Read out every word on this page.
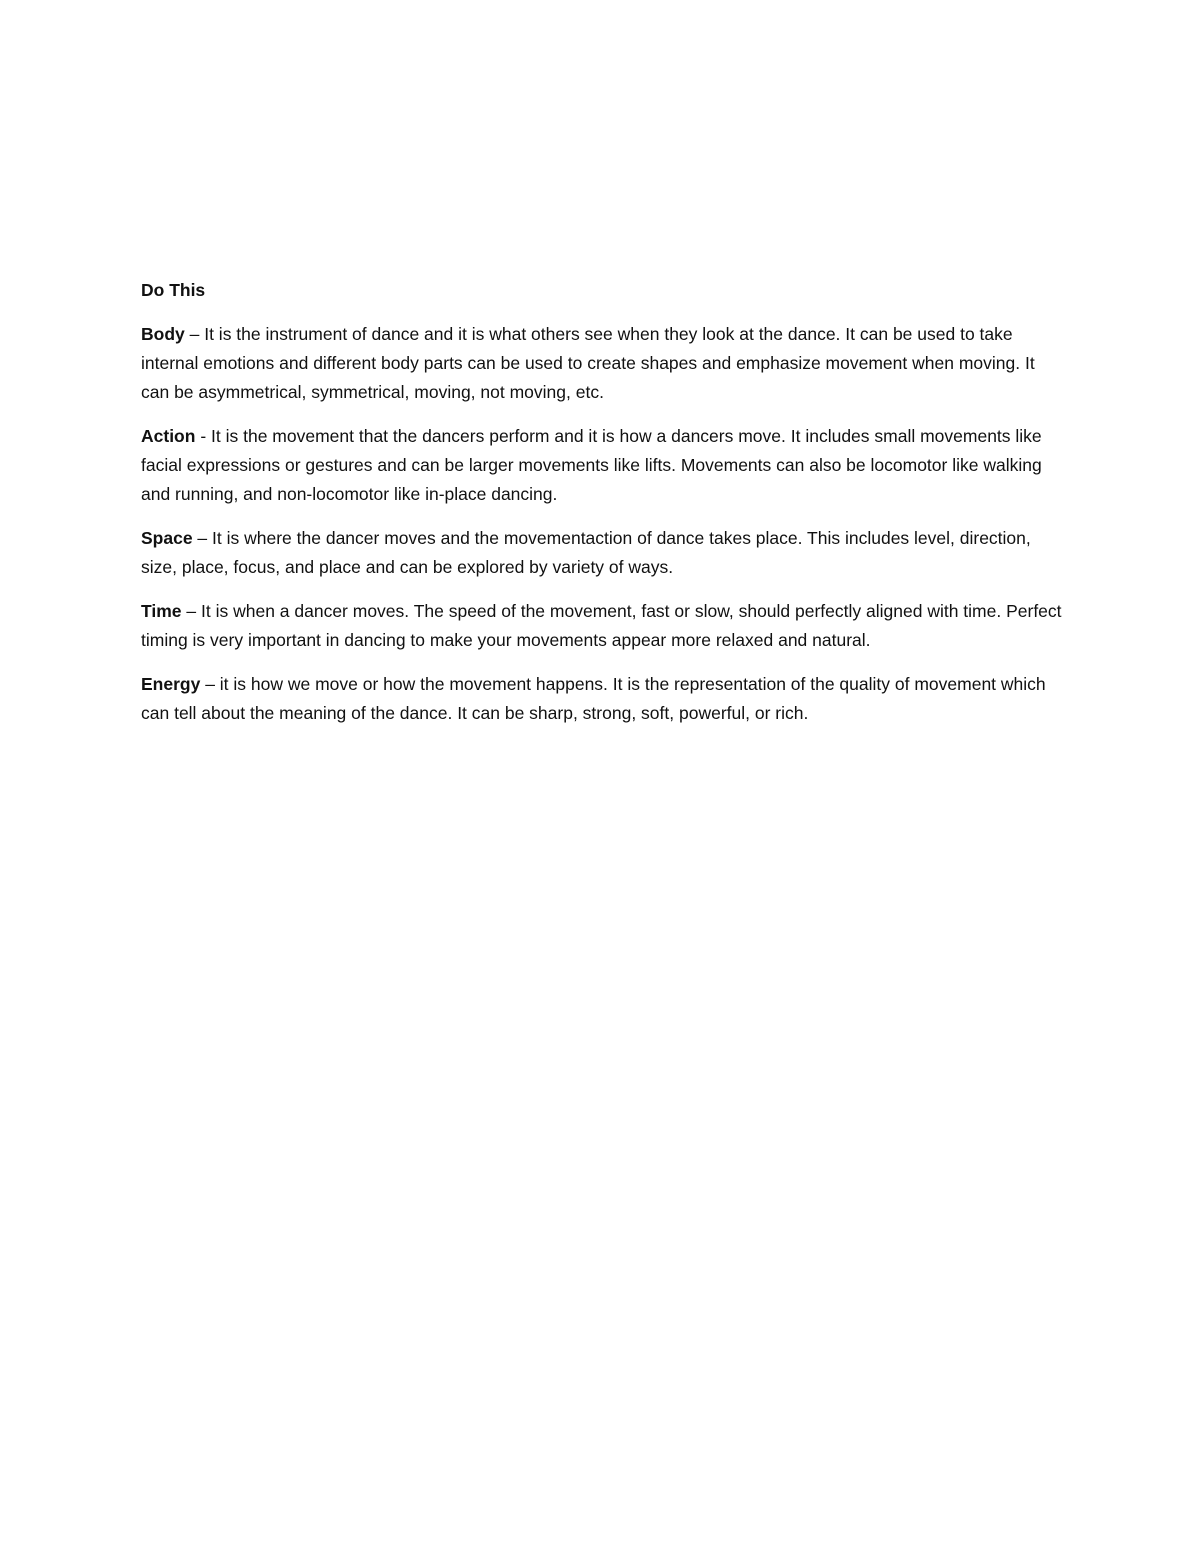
Do This

Body – It is the instrument of dance and it is what others see when they look at the dance. It can be used to take internal emotions and different body parts can be used to create shapes and emphasize movement when moving. It can be asymmetrical, symmetrical, moving, not moving, etc.

Action - It is the movement that the dancers perform and it is how a dancers move. It includes small movements like facial expressions or gestures and can be larger movements like lifts. Movements can also be locomotor like walking and running, and non-locomotor like in-place dancing.

Space – It is where the dancer moves and the movementaction of dance takes place. This includes level, direction, size, place, focus, and place and can be explored by variety of ways.

Time – It is when a dancer moves. The speed of the movement, fast or slow, should perfectly aligned with time. Perfect timing is very important in dancing to make your movements appear more relaxed and natural.

Energy – it is how we move or how the movement happens. It is the representation of the quality of movement which can tell about the meaning of the dance. It can be sharp, strong, soft, powerful, or rich.
